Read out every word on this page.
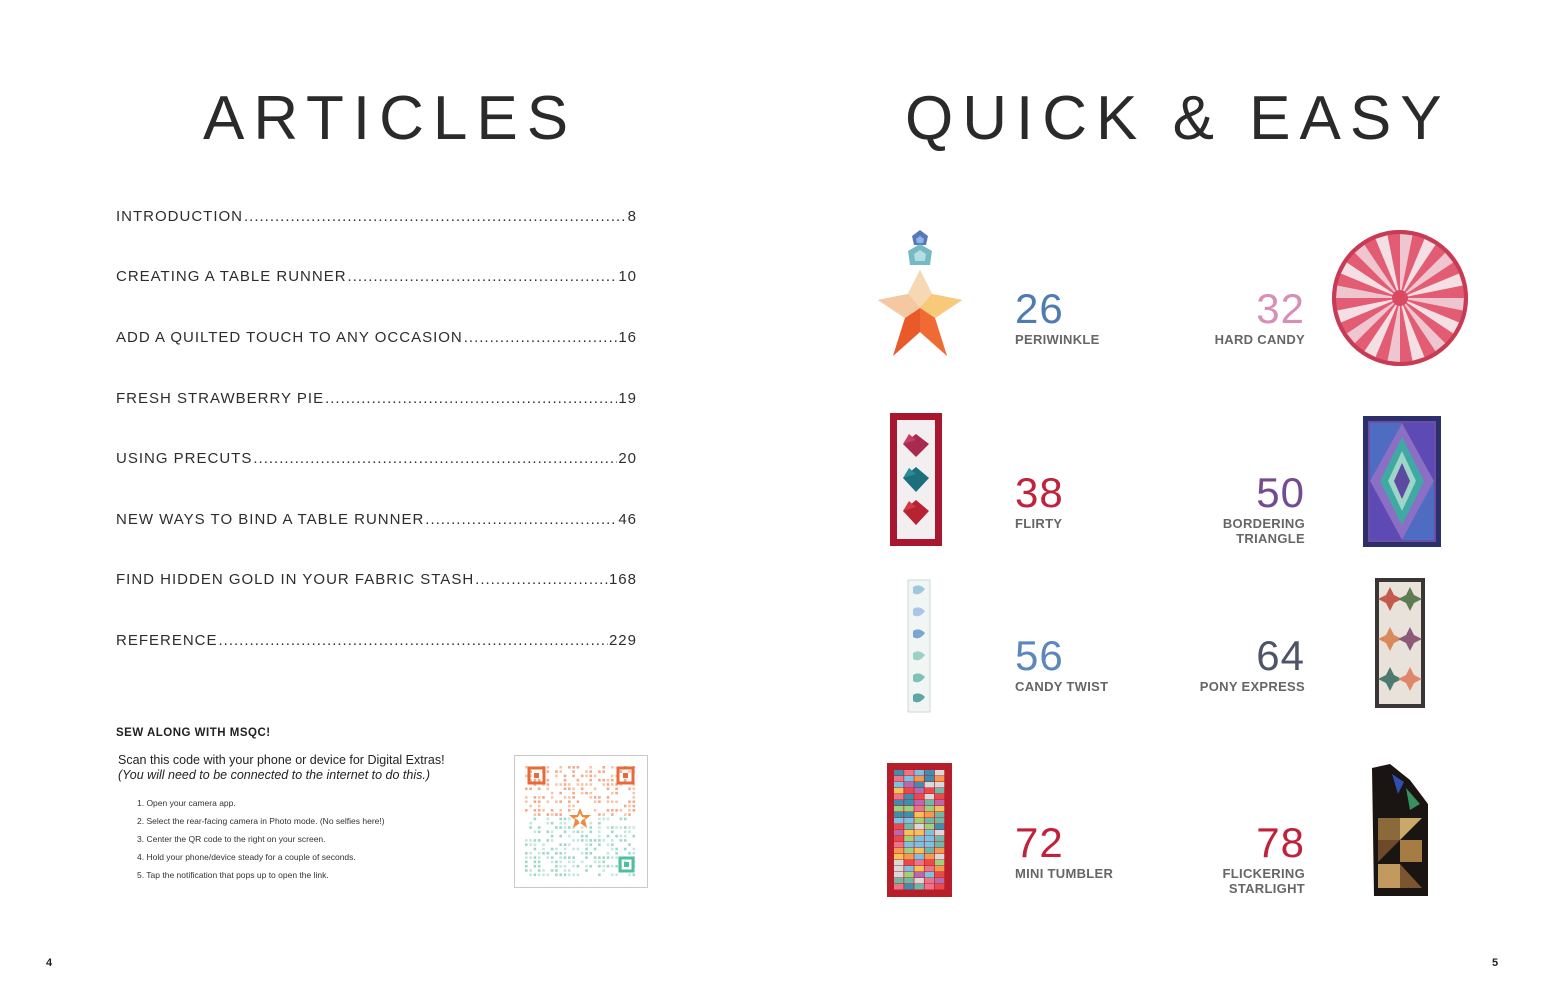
ARTICLES
INTRODUCTION .....	8
CREATING A TABLE RUNNER .....	10
ADD A QUILTED TOUCH TO ANY OCCASION .....	16
FRESH STRAWBERRY PIE .....	19
USING PRECUTS .....	20
NEW WAYS TO BIND A TABLE RUNNER .....	46
FIND HIDDEN GOLD IN YOUR FABRIC STASH .....	168
REFERENCE .....	229
SEW ALONG WITH MSQC!
Scan this code with your phone or device for Digital Extras!
(You will need to be connected to the internet to do this.)
1. Open your camera app.
2. Select the rear-facing camera in Photo mode. (No selfies here!)
3. Center the QR code to the right on your screen.
4. Hold your phone/device steady for a couple of seconds.
5. Tap the notification that pops up to open the link.
4
QUICK & EASY
26
PERIWINKLE
32
HARD CANDY
38
FLIRTY
50
BORDERING
TRIANGLE
56
CANDY TWIST
64
PONY EXPRESS
72
MINI TUMBLER
78
FLICKERING
STARLIGHT
5
